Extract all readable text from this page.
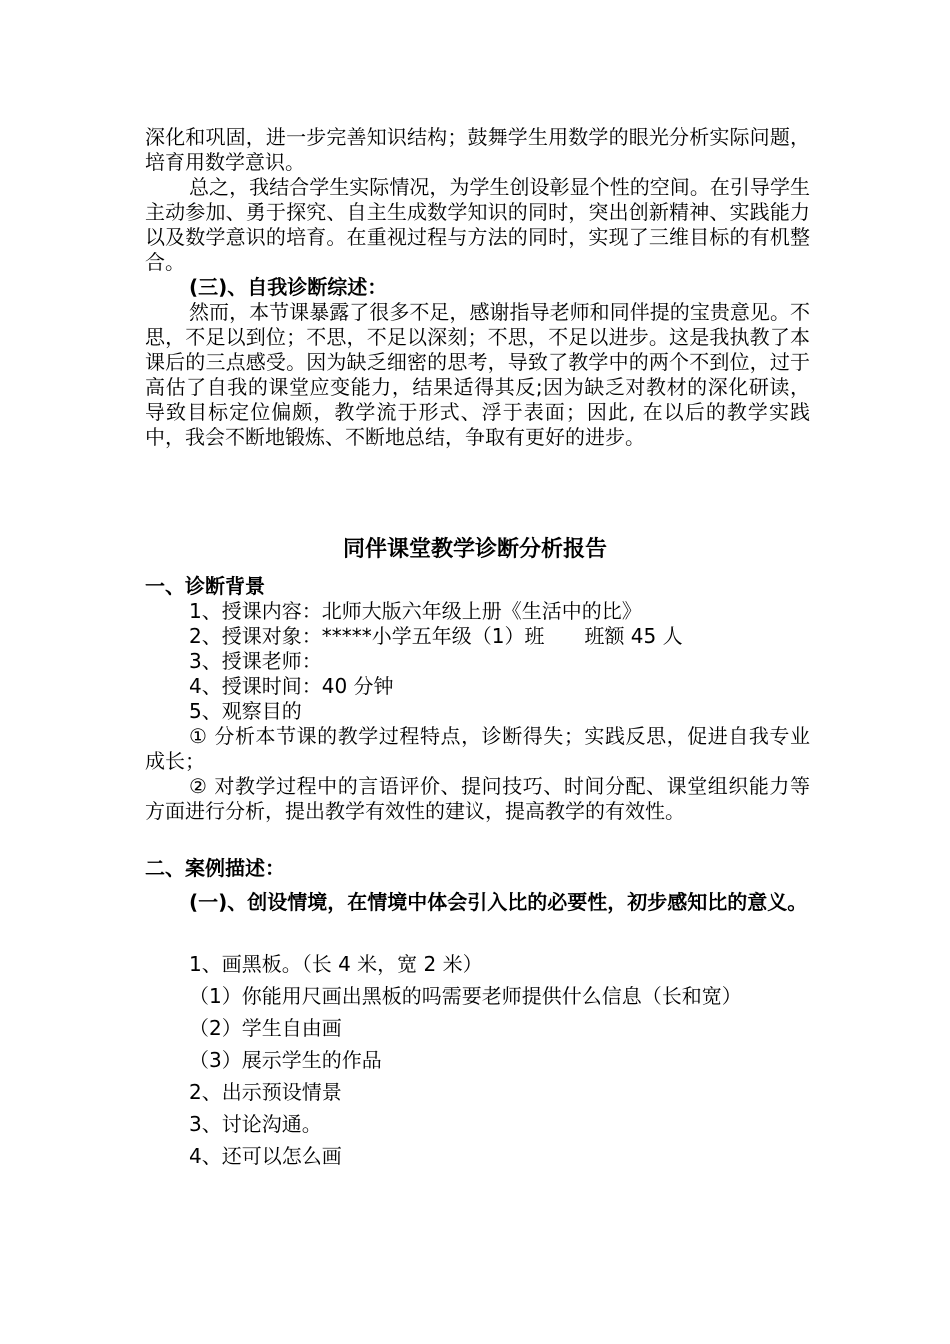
深化和巩固，进一步完善知识结构；鼓舞学生用数学的眼光分析实际问题，培育用数学意识。

总之，我结合学生实际情况，为学生创设彰显个性的空间。在引导学生主动参加、勇于探究、自主生成数学知识的同时，突出创新精神、实践能力以及数学意识的培育。在重视过程与方法的同时，实现了三维目标的有机整合。

(三)、自我诊断综述：

然而，本节课暴露了很多不足，感谢指导老师和同伴提的宝贵意见。不思，不足以到位；不思，不足以深刻；不思，不足以进步。这是我执教了本课后的三点感受。因为缺乏细密的思考，导致了教学中的两个不到位，过于高估了自我的课堂应变能力，结果适得其反;因为缺乏对教材的深化研读，导致目标定位偏颇，教学流于形式、浮于表面；因此, 在以后的教学实践中，我会不断地锻炼、不断地总结，争取有更好的进步。

同伴课堂教学诊断分析报告

一、诊断背景

1、授课内容：北师大版六年级上册《生活中的比》

2、授课对象：*****小学五年级（1）班　　班额 45 人

3、授课老师：

4、授课时间：40 分钟

5、观察目的

① 分析本节课的教学过程特点，诊断得失；实践反思，促进自我专业成长；

② 对教学过程中的言语评价、提问技巧、时间分配、课堂组织能力等方面进行分析，提出教学有效性的建议，提高教学的有效性。

二、案例描述：

(一)、创设情境，在情境中体会引入比的必要性，初步感知比的意义。

1、画黑板。（长 4 米，宽 2 米）

（1）你能用尺画出黑板的吗需要老师提供什么信息（长和宽）

（2）学生自由画

（3）展示学生的作品

2、出示预设情景

3、讨论沟通。

4、还可以怎么画
